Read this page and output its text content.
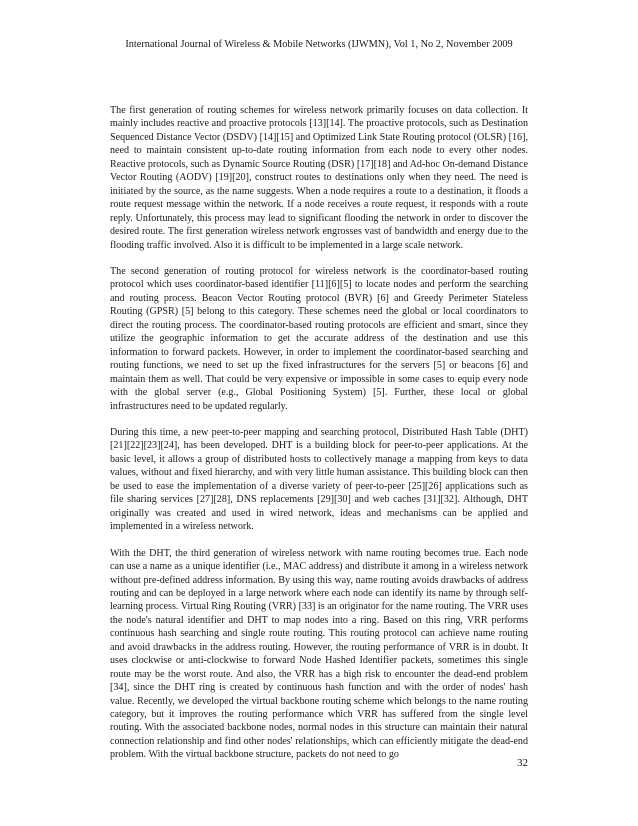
International Journal of Wireless & Mobile Networks (IJWMN), Vol 1, No 2, November 2009

The first generation of routing schemes for wireless network primarily focuses on data collection. It mainly includes reactive and proactive protocols [13][14]. The proactive protocols, such as Destination Sequenced Distance Vector (DSDV) [14][15] and Optimized Link State Routing protocol (OLSR) [16], need to maintain consistent up-to-date routing information from each node to every other nodes. Reactive protocols, such as Dynamic Source Routing (DSR) [17][18] and Ad-hoc On-demand Distance Vector Routing (AODV) [19][20], construct routes to destinations only when they need. The need is initiated by the source, as the name suggests. When a node requires a route to a destination, it floods a route request message within the network. If a node receives a route request, it responds with a route reply. Unfortunately, this process may lead to significant flooding the network in order to discover the desired route. The first generation wireless network engrosses vast of bandwidth and energy due to the flooding traffic involved. Also it is difficult to be implemented in a large scale network.

The second generation of routing protocol for wireless network is the coordinator-based routing protocol which uses coordinator-based identifier [11][6][5] to locate nodes and perform the searching and routing process. Beacon Vector Routing protocol (BVR) [6] and Greedy Perimeter Stateless Routing (GPSR) [5] belong to this category. These schemes need the global or local coordinators to direct the routing process. The coordinator-based routing protocols are efficient and smart, since they utilize the geographic information to get the accurate address of the destination and use this information to forward packets. However, in order to implement the coordinator-based searching and routing functions, we need to set up the fixed infrastructures for the servers [5] or beacons [6] and maintain them as well. That could be very expensive or impossible in some cases to equip every node with the global server (e.g., Global Positioning System) [5]. Further, these local or global infrastructures need to be updated regularly.

During this time, a new peer-to-peer mapping and searching protocol, Distributed Hash Table (DHT) [21][22][23][24], has been developed. DHT is a building block for peer-to-peer applications. At the basic level, it allows a group of distributed hosts to collectively manage a mapping from keys to data values, without and fixed hierarchy, and with very little human assistance. This building block can then be used to ease the implementation of a diverse variety of peer-to-peer [25][26] applications such as file sharing services [27][28], DNS replacements [29][30] and web caches [31][32]. Although, DHT originally was created and used in wired network, ideas and mechanisms can be applied and implemented in a wireless network.

With the DHT, the third generation of wireless network with name routing becomes true. Each node can use a name as a unique identifier (i.e., MAC address) and distribute it among in a wireless network without pre-defined address information. By using this way, name routing avoids drawbacks of address routing and can be deployed in a large network where each node can identify its name by through self-learning process. Virtual Ring Routing (VRR) [33] is an originator for the name routing. The VRR uses the node's natural identifier and DHT to map nodes into a ring. Based on this ring, VRR performs continuous hash searching and single route routing. This routing protocol can achieve name routing and avoid drawbacks in the address routing. However, the routing performance of VRR is in doubt. It uses clockwise or anti-clockwise to forward Node Hashed Identifier packets, sometimes this single route may be the worst route. And also, the VRR has a high risk to encounter the dead-end problem [34], since the DHT ring is created by continuous hash function and with the order of nodes' hash value. Recently, we developed the virtual backbone routing scheme which belongs to the name routing category, but it improves the routing performance which VRR has suffered from the single level routing. With the associated backbone nodes, normal nodes in this structure can maintain their natural connection relationship and find other nodes' relationships, which can efficiently mitigate the dead-end problem. With the virtual backbone structure, packets do not need to go

32
